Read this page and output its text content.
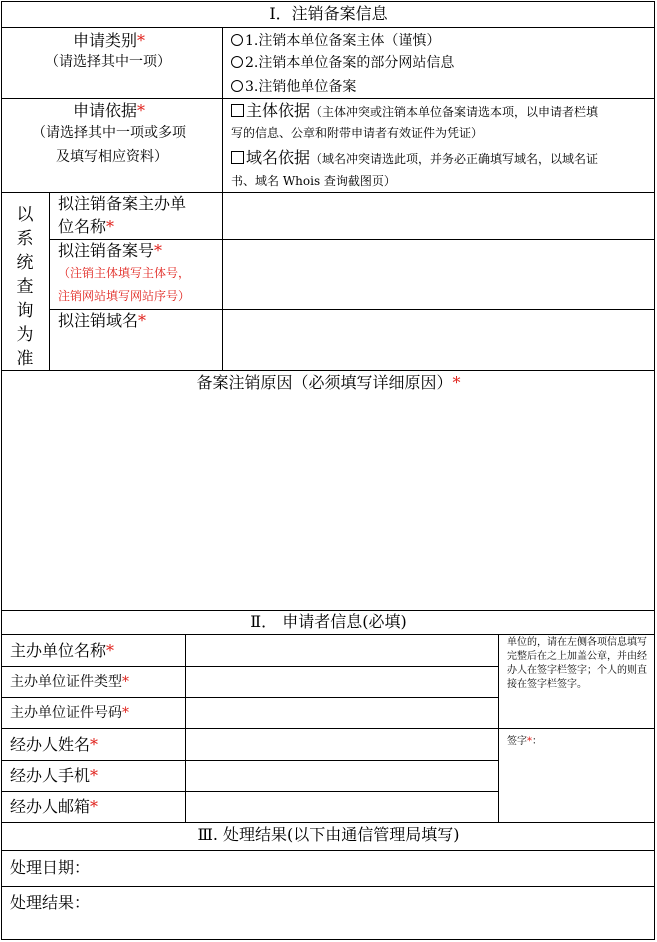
Ⅰ．注销备案信息
申请类别*
（请选择其中一项）
1.注销本单位备案主体（谨慎）
2.注销本单位备案的部分网站信息
3.注销他单位备案
申请依据*
（请选择其中一项或多项
及填写相应资料）
主体依据（主体冲突或注销本单位备案请选本项，以申请者栏填
写的信息、公章和附带申请者有效证件为凭证）
域名依据（域名冲突请选此项，并务必正确填写域名，以域名证
书、域名 Whois 查询截图页）
以
系
统
查
询
为
准
拟注销备案主办单
位名称*
拟注销备案号*
（注销主体填写主体号，
注销网站填写网站序号）
拟注销域名*
备案注销原因（必须填写详细原因）*
Ⅱ． 申请者信息(必填)
主办单位名称*
主办单位证件类型*
主办单位证件号码*
经办人姓名*
经办人手机*
经办人邮箱*
单位的，请在左侧各项信息填写完整后在之上加盖公章，并由经办人在签字栏签字；个人的则直接在签字栏签字。
签字*：
Ⅲ. 处理结果(以下由通信管理局填写)
处理日期：
处理结果：
